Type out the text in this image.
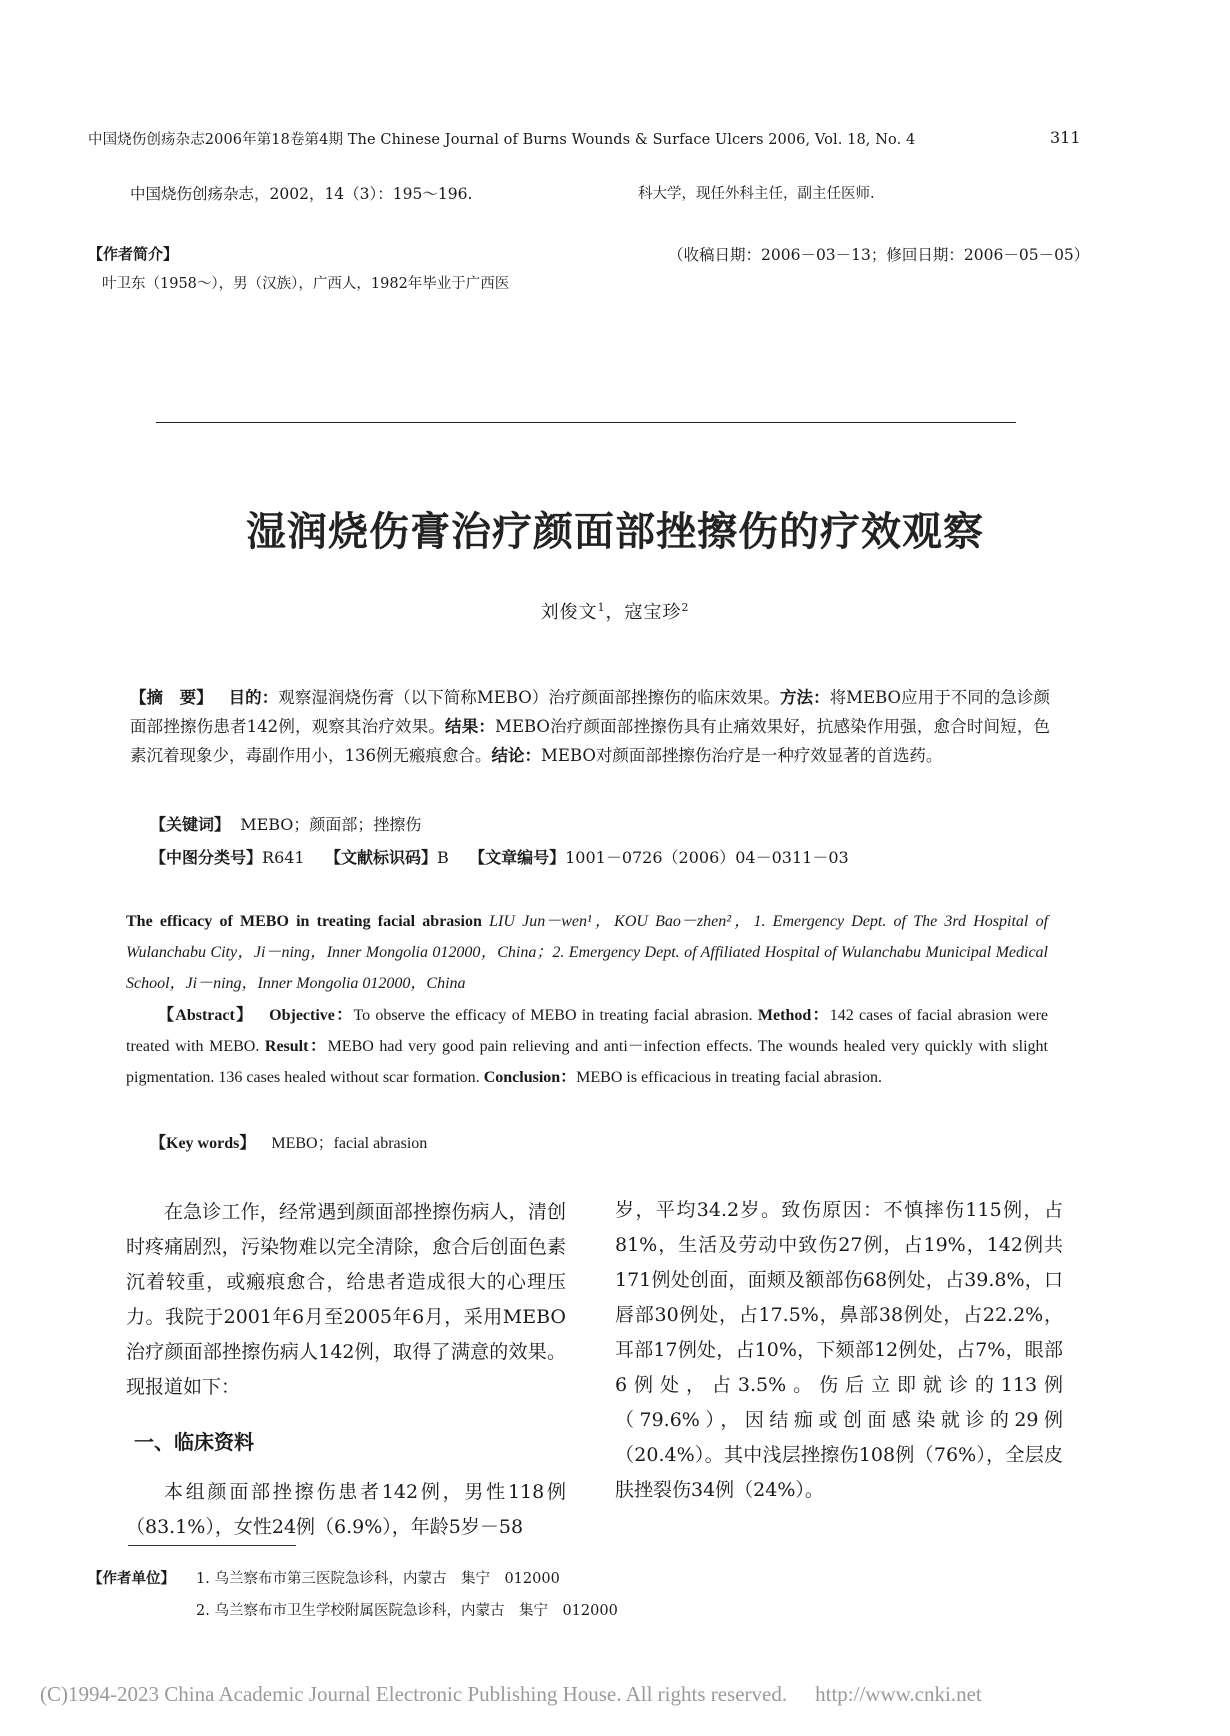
中国烧伤创疡杂志2006年第18卷第4期 The Chinese Journal of Burns Wounds & Surface Ulcers 2006, Vol. 18, No. 4	311
中国烧伤创疡杂志，2002，14（3）：195～196.	科大学，现任外科主任，副主任医师.
【作者简介】
叶卫东（1958～），男（汉族），广西人，1982年毕业于广西医
（收稿日期：2006－03－13；修回日期：2006－05－05）
湿润烧伤膏治疗颜面部挫擦伤的疗效观察
刘俊文$^1$，寇宝珍$^2$
【摘　要】 目的：观察湿润烧伤膏（以下简称MEBO）治疗颜面部挫擦伤的临床效果。方法：将MEBO应用于不同的急诊颜面部挫擦伤患者142例，观察其治疗效果。结果：MEBO治疗颜面部挫擦伤具有止痛效果好，抗感染作用强，愈合时间短，色素沉着现象少，毒副作用小，136例无瘢痕愈合。结论：MEBO对颜面部挫擦伤治疗是一种疗效显著的首选药。
【关键词】 MEBO；颜面部；挫擦伤
【中图分类号】R641 【文献标识码】B 【文章编号】1001－0726（2006）04－0311－03
The efficacy of MEBO in treating facial abrasion LIU Jun－wen¹，KOU Bao－zhen²，1. Emergency Dept. of The 3rd Hospital of Wulanchabu City，Ji－ning，Inner Mongolia 012000，China；2. Emergency Dept. of Affiliated Hospital of Wulanchabu Municipal Medical School，Ji－ning，Inner Mongolia 012000，China
【Abstract】 Objective：To observe the efficacy of MEBO in treating facial abrasion. Method：142 cases of facial abrasion were treated with MEBO. Result：MEBO had very good pain relieving and anti－infection effects. The wounds healed very quickly with slight pigmentation. 136 cases healed without scar formation. Conclusion：MEBO is efficacious in treating facial abrasion.
【Key words】 MEBO；facial abrasion
在急诊工作，经常遇到颜面部挫擦伤病人，清创时疼痛剧烈，污染物难以完全清除，愈合后创面色素沉着较重，或瘢痕愈合，给患者造成很大的心理压力。我院于2001年6月至2005年6月，采用MEBO治疗颜面部挫擦伤病人142例，取得了满意的效果。现报道如下：
一、临床资料
本组颜面部挫擦伤患者142例，男性118例（83.1%），女性24例（6.9%），年龄5岁－58
岁，平均34.2岁。致伤原因：不慎摔伤115例，占81%，生活及劳动中致伤27例，占19%，142例共171例处创面，面颊及额部伤68例处，占39.8%，口唇部30例处，占17.5%，鼻部38例处，占22.2%，耳部17例处，占10%，下颏部12例处，占7%，眼部6例处，占3.5%。伤后立即就诊的113例（79.6%），因结痂或创面感染就诊的29例（20.4%）。其中浅层挫擦伤108例（76%），全层皮肤挫裂伤34例（24%）。
【作者单位】 1. 乌兰察布市第三医院急诊科，内蒙古　集宁　012000
2. 乌兰察布市卫生学校附属医院急诊科，内蒙古　集宁　012000
(C)1994-2023 China Academic Journal Electronic Publishing House. All rights reserved. http://www.cnki.net
